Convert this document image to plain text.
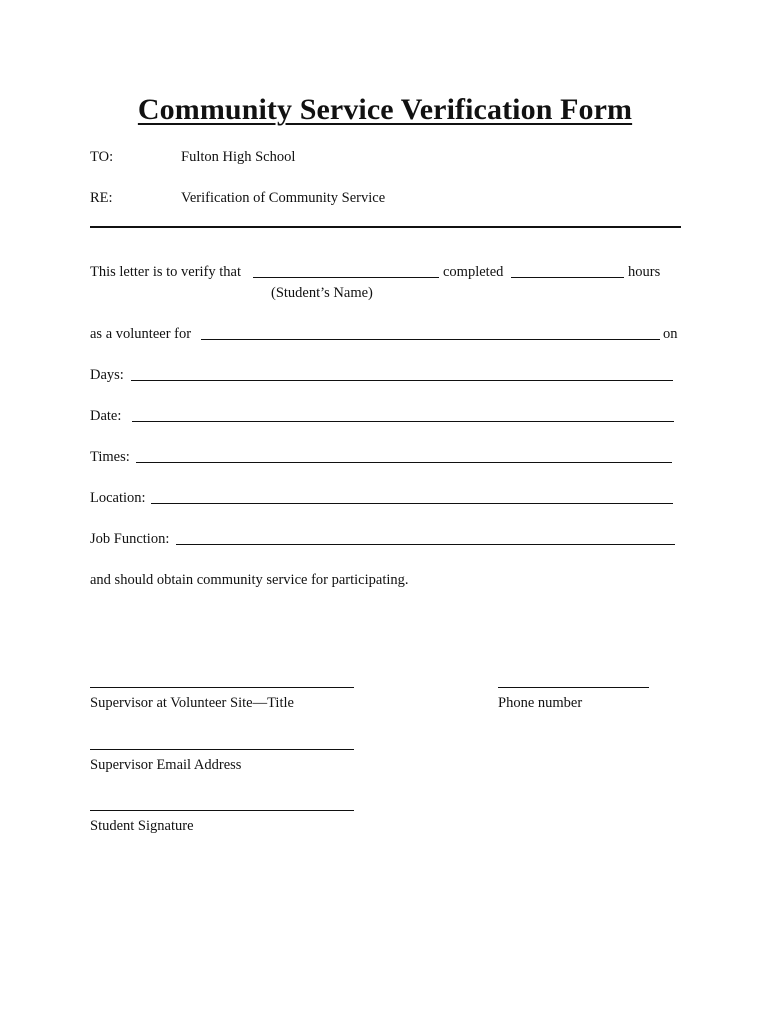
Community Service Verification Form
TO:	Fulton High School
RE:	Verification of Community Service
This letter is to verify that	completed	hours
(Student’s Name)
as a volunteer for	on
Days:
Date:
Times:
Location:
Job Function:
and should obtain community service for participating.
Supervisor at Volunteer Site—Title	Phone number
Supervisor Email Address
Student Signature
